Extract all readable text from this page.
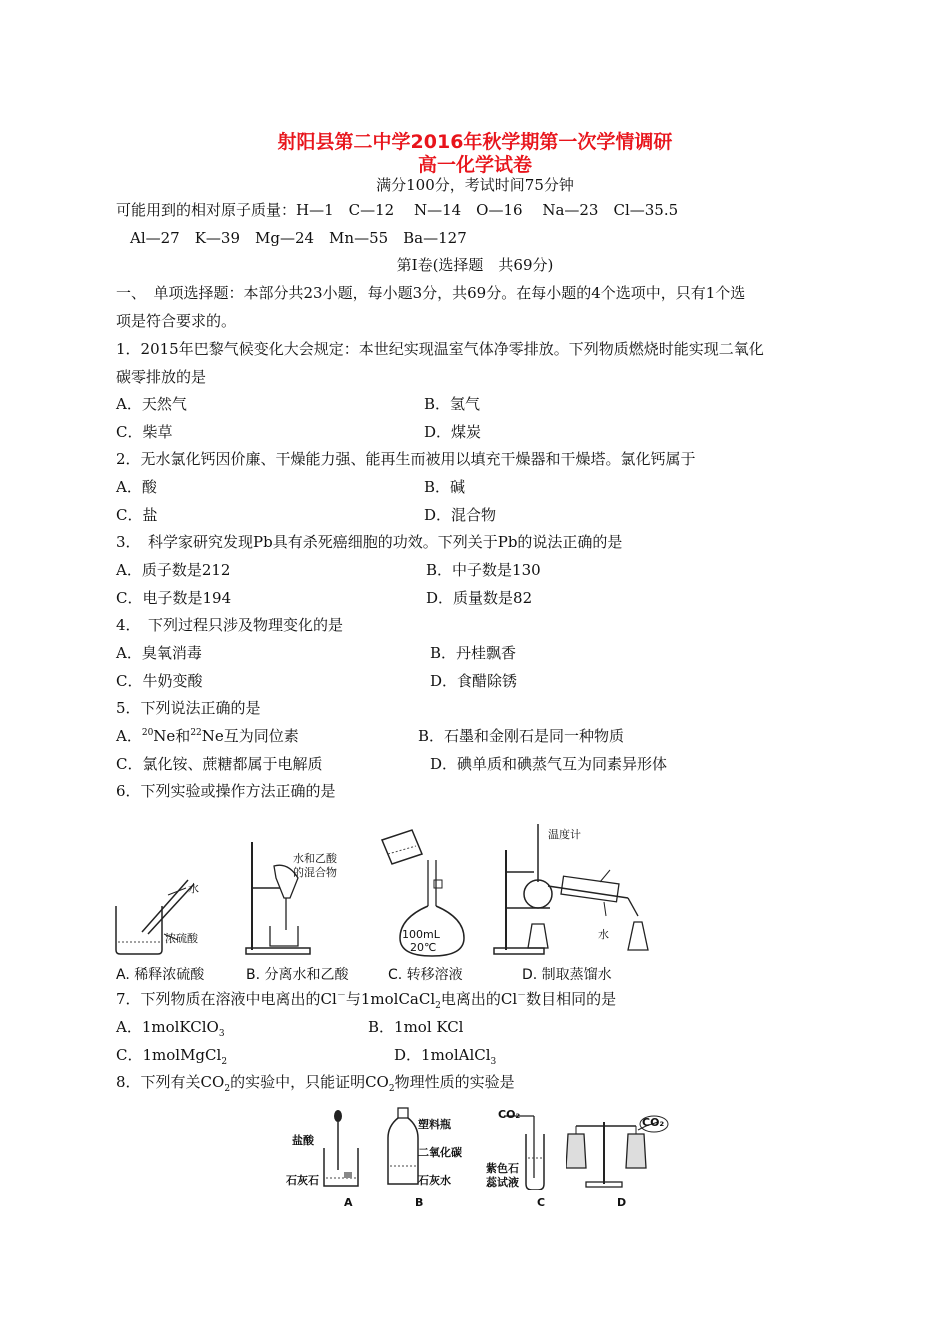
射阳县第二中学2016年秋学期第一次学情调研
高一化学试卷
满分100分，考试时间75分钟
可能用到的相对原子质量：H—1　C—12　 N—14　O—16　 Na—23　Cl—35.5
Al—27　K—39　Mg—24　Mn—55　Ba—127
第Ⅰ卷(选择题　共69分)
一、　单项选择题：本部分共23小题，每小题3分，共69分。在每小题的4个选项中，只有1个选
项是符合要求的。
1．2015年巴黎气候变化大会规定：本世纪实现温室气体净零排放。下列物质燃烧时能实现二氧化
碳零排放的是
A．天然气	B．氢气
C．柴草	D．煤炭
2．无水氯化钙因价廉、干燥能力强、能再生而被用以填充干燥器和干燥塔。氯化钙属于
A．酸	B．碱
C．盐	D．混合物
3．　科学家研究发现Pb具有杀死癌细胞的功效。下列关于Pb的说法正确的是
A．质子数是212	B．中子数是130
C．电子数是194	D．质量数是82
4．　下列过程只涉及物理变化的是
A．臭氧消毒	B．丹桂飘香
C．牛奶变酸	D．食醋除锈
5．下列说法正确的是
A．$^{20}$Ne和$^{22}$Ne互为同位素	B．石墨和金刚石是同一种物质
C．氯化铵、蔗糖都属于电解质	D．碘单质和碘蒸气互为同素异形体
6．下列实验或操作方法正确的是
水
浓硫酸
水和乙酸
的混合物
100mL
20℃
温度计
水
A. 稀释浓硫酸	B. 分离水和乙酸	C. 转移溶液	D. 制取蒸馏水
7．下列物质在溶液中电离出的Cl－与1molCaCl$_2$电离出的Cl－数目相同的是
A．1molKClO$_3$	B．1mol KCl
C．1molMgCl$_2$	D．1molAlCl$_3$
8．下列有关$CO_2$的实验中，只能证明$CO_2$物理性质的实验是
盐酸
石灰石
塑料瓶
二氧化碳
石灰水
CO₂
紫色石
蕊试液
CO₂
A	B	C	D
